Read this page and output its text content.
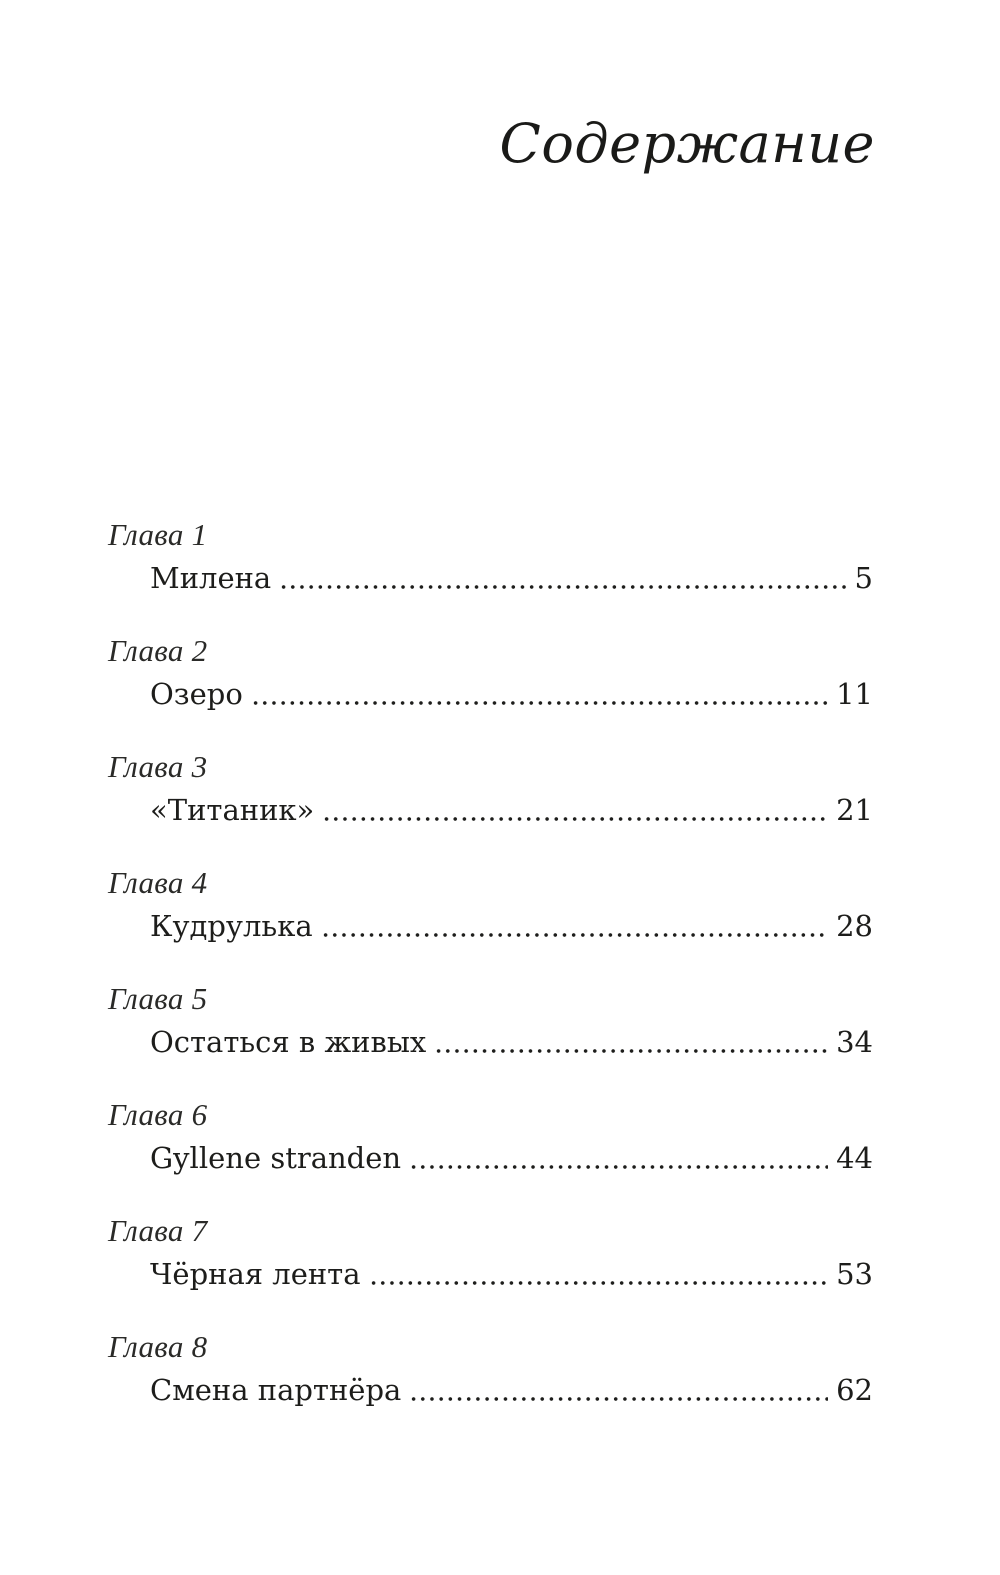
Содержание
Глава 1
Милена	5
Глава 2
Озеро	11
Глава 3
«Титаник»	21
Глава 4
Кудрулька	28
Глава 5
Остаться в живых	34
Глава 6
Gyllene stranden	44
Глава 7
Чёрная лента	53
Глава 8
Смена партнёра	62
